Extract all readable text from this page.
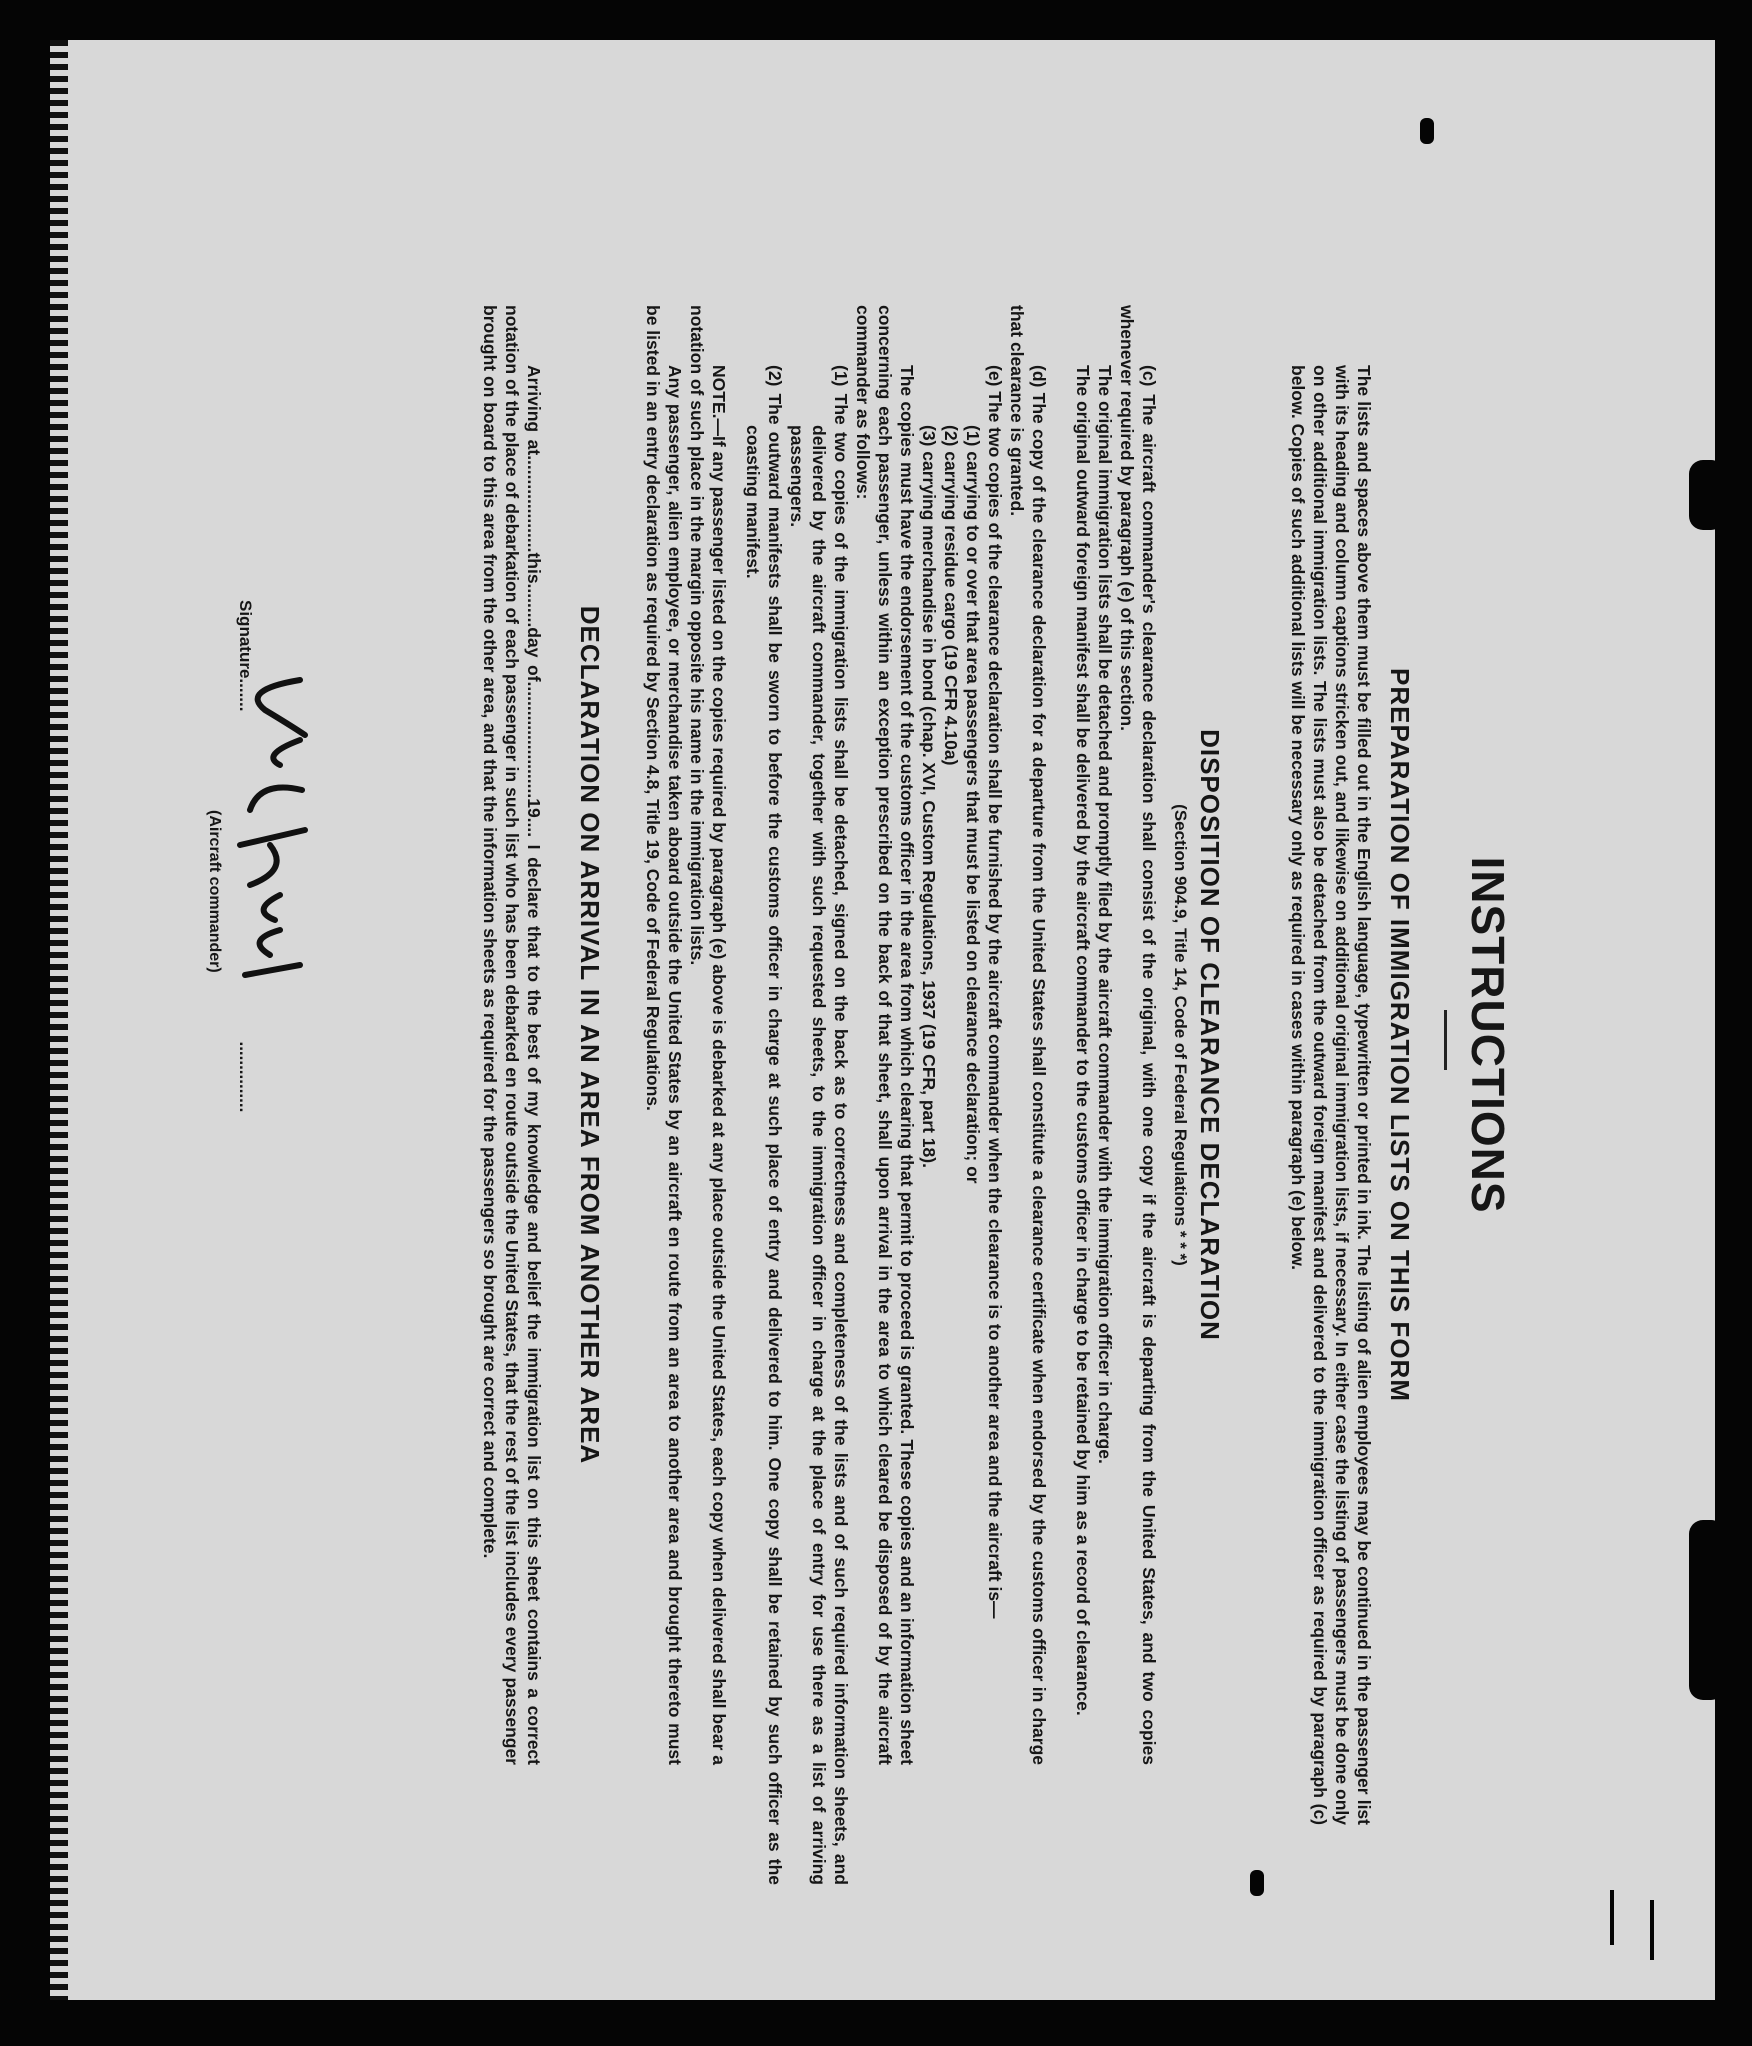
INSTRUCTIONS
PREPARATION OF IMMIGRATION LISTS ON THIS FORM
The lists and spaces above them must be filled out in the English language, typewritten or printed in ink. The listing of alien employees may be continued in the passenger list with its heading and column captions stricken out, and likewise on additional original immigration lists, if necessary. In either case the listing of passengers must be done only on other additional immigration lists. The lists must also be detached from the outward foreign manifest and delivered to the immigration officer as required by paragraph (c) below. Copies of such additional lists will be necessary only as required in cases within paragraph (e) below.
DISPOSITION OF CLEARANCE DECLARATION
(Section 904.9, Title 14, Code of Federal Regulations * * *)
(c) The aircraft commander's clearance declaration shall consist of the original, with one copy if the aircraft is departing from the United States, and two copies whenever required by paragraph (e) of this section.
The original immigration lists shall be detached and promptly filed by the aircraft commander with the immigration officer in charge.
The original outward foreign manifest shall be delivered by the aircraft commander to the customs officer in charge to be retained by him as a record of clearance.
(d) The copy of the clearance declaration for a departure from the United States shall constitute a clearance certificate when endorsed by the customs officer in charge that clearance is granted.
(e) The two copies of the clearance declaration shall be furnished by the aircraft commander when the clearance is to another area and the aircraft is—
(1) carrying to or over that area passengers that must be listed on clearance declaration; or
(2) carrying residue cargo (19 CFR 4.10a)
(3) carrying merchandise in bond (chap. XVI, Custom Regulations, 1937 (19 CFR, part 18).
The copies must have the endorsement of the customs officer in the area from which clearing that permit to proceed is granted. These copies and an information sheet concerning each passenger, unless within an exception prescribed on the back of that sheet, shall upon arrival in the area to which cleared be disposed of by the aircraft commander as follows:
(1) The two copies of the immigration lists shall be detached, signed on the back as to correctness and completeness of the lists and of such required information sheets, and delivered by the aircraft commander, together with such requested sheets, to the immigration officer in charge at the place of entry for use there as a list of arriving passengers.
(2) The outward manifests shall be sworn to before the customs officer in charge at such place of entry and delivered to him. One copy shall be retained by such officer as the coasting manifest.
NOTE.—If any passenger listed on the copies required by paragraph (e) above is debarked at any place outside the United States, each copy when delivered shall bear a notation of such place in the margin opposite his name in the immigration lists.
Any passenger, alien employee, or merchandise taken aboard outside the United States by an aircraft en route from an area to another area and brought thereto must be listed in an entry declaration as required by Section 4.8, Title 19, Code of Federal Regulations.
DECLARATION ON ARRIVAL IN AN AREA FROM ANOTHER AREA
Arriving at....................this.........day of........................19.... I declare that to the best of my knowledge and belief the immigration list on this sheet contains a correct notation of the place of debarkation of each passenger in such list who has been debarked en route outside the United States, that the rest of the list includes every passenger brought on board to this area from the other area, and that the information sheets as required for the passengers so brought are correct and complete.
Signature......................
(Aircraft commander)
